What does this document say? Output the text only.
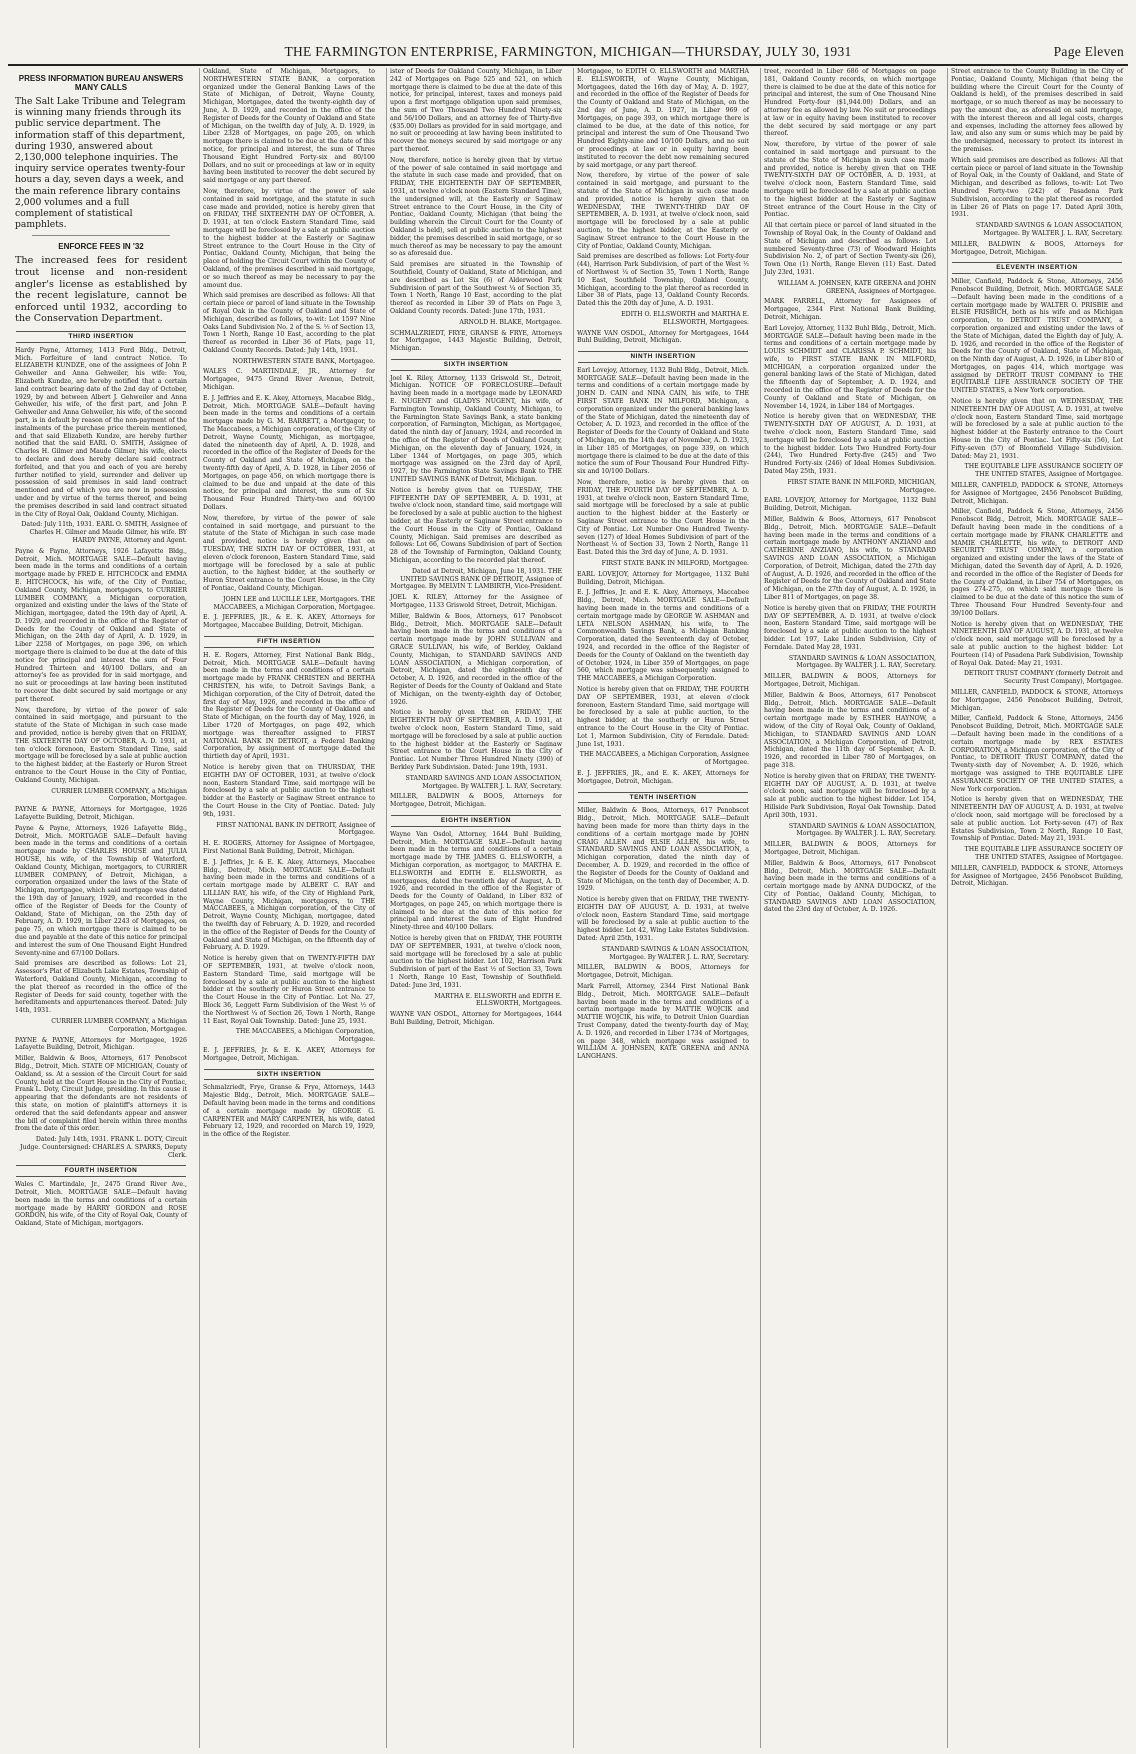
THE FARMINGTON ENTERPRISE, FARMINGTON, MICHIGAN—THURSDAY, JULY 30, 1931	Page Eleven
PRESS INFORMATION BUREAU ANSWERS MANY CALLS

The Salt Lake Tribune and Telegram is winning many friends through its public service department. The information staff of this department, during 1930, answered about 2,130,000 telephone inquiries. The inquiry service operates twenty-four hours a day, seven days a week, and the main reference library contains 2,000 volumes and a full complement of statistical pamphlets.

ENFORCE FEES IN '32

The increased fees for resident trout license and non-resident angler's license as established by the recent legislature, cannot be enforced until 1932, according to the Conservation Department.

THIRD INSERTION

Hardy Payne, Attorney, 1413 Ford Bldg., Detroit, Mich. Forfeiture of land contract Notice. To ELIZABETH KUNDZE, one of the assignees of John P. Gehweiler and Anna Gehweiler, his wife: You, Elizabeth Kundze, are hereby notified that a certain land contract bearing date of the 2nd day of October, 1929, by and between Albert J. Gehweiler and Anna Gehweiler, his wife, of the first part, and John P. Gehweiler and Anna Gehweiler, his wife, of the second part, is in default by reason of the non-payment of the instalments of the purchase price therein mentioned, and that said Elizabeth Kundze, are hereby further notified that the said EARL O. SMITH, Assignee of Charles H. Gilmer and Maude Gilmer, his wife, elects to declare and does hereby declare said contract forfeited, and that you and each of you are hereby further notified to yield, surrender and deliver up possession of said premises in said land contract mentioned and of which you are now in possession under and by virtue of the terms thereof, and being the premises described in said land contract situated in the City of Royal Oak, Oakland County, Michigan.

Dated: July 11th, 1931. EARL O. SMITH, Assignee of Charles H. Gilmer and Maude Gilmer, his wife. BY HARDY PAYNE, Attorney and Agent.

Payne & Payne, Attorneys, 1926 Lafayette Bldg., Detroit, Mich. MORTGAGE SALE—Default having been made in the terms and conditions of a certain mortgage made by FRED E. HITCHCOCK and EMMA E. HITCHCOCK, his wife, of the City of Pontiac, Oakland County, Michigan, mortgagors, to CURRIER LUMBER COMPANY, a Michigan corporation, organized and existing under the laws of the State of Michigan, mortgagee, dated the 19th day of April, A. D. 1929, and recorded in the office of the Register of Deeds for the County of Oakland and State of Michigan, on the 24th day of April, A. D. 1929, in Liber 2258 of Mortgages, on page 396, on which mortgage there is claimed to be due at the date of this notice for principal and interest the sum of Four Hundred Thirteen and 40/100 Dollars, and an attorney's fee as provided for in said mortgage, and no suit or proceedings at law having been instituted to recover the debt secured by said mortgage or any part thereof.

Now, therefore, by virtue of the power of sale contained in said mortgage, and pursuant to the statute of the State of Michigan in such case made and provided, notice is hereby given that on FRIDAY, THE SIXTEENTH DAY OF OCTOBER, A. D. 1931, at ten o'clock forenoon, Eastern Standard Time, said mortgage will be foreclosed by a sale at public auction to the highest bidder, at the Easterly or Huron Street entrance to the Court House in the City of Pontiac, Oakland County, Michigan.

CURRIER LUMBER COMPANY, a Michigan Corporation, Mortgagee.

PAYNE & PAYNE, Attorneys for Mortgagee, 1926 Lafayette Building, Detroit, Michigan.

Payne & Payne, Attorneys, 1926 Lafayette Bldg., Detroit, Mich. MORTGAGE SALE—Default having been made in the terms and conditions of a certain mortgage made by CHARLES HOUSE and JULIA HOUSE, his wife, of the Township of Waterford, Oakland County, Michigan, mortgagors, to CURRIER LUMBER COMPANY, of Detroit, Michigan, a corporation organized under the laws of the State of Michigan, mortgagee, which said mortgage was dated the 19th day of January, 1929, and recorded in the office of the Register of Deeds for the County of Oakland, State of Michigan, on the 25th day of February, A. D. 1929, in Liber 2243 of Mortgages, on page 75, on which mortgage there is claimed to be due and payable at the date of this notice for principal and interest the sum of One Thousand Eight Hundred Seventy-nine and 67/100 Dollars.

Said premises are described as follows: Lot 21, Assessor's Plat of Elizabeth Lake Estates, Township of Waterford, Oakland County, Michigan, according to the plat thereof as recorded in the office of the Register of Deeds for said county, together with the hereditaments and appurtenances thereof. Dated: July 14th, 1931.

CURRIER LUMBER COMPANY, a Michigan Corporation, Mortgagee.

PAYNE & PAYNE, Attorneys for Mortgagee, 1926 Lafayette Building, Detroit, Michigan.

Miller, Baldwin & Boos, Attorneys, 617 Penobscot Bldg., Detroit, Mich. STATE OF MICHIGAN, County of Oakland, ss. At a session of the Circuit Court for said County, held at the Court House in the City of Pontiac, Frank L. Doty, Circuit Judge, presiding. In this cause it appearing that the defendants are not residents of this state, on motion of plaintiff's attorneys it is ordered that the said defendants appear and answer the bill of complaint filed herein within three months from the date of this order.

Dated: July 14th, 1931. FRANK L. DOTY, Circuit Judge. Countersigned: CHARLES A. SPARKS, Deputy Clerk.

FOURTH INSERTION

Wales C. Martindale, Jr., 2475 Grand River Ave., Detroit, Mich. MORTGAGE SALE—Default having been made in the terms and conditions of a certain mortgage made by HARRY GORDON and ROSE GORDON, his wife, of the City of Royal Oak, County of Oakland, State of Michigan, mortgagors.

Oakland, State of Michigan, Mortgagors, to NORTHWESTERN STATE BANK, a corporation organized under the General Banking Laws of the State of Michigan, of Detroit, Wayne County, Michigan, Mortgagee, dated the twenty-eighth day of June, A. D. 1929, and recorded in the office of the Register of Deeds for the County of Oakland and State of Michigan, on the twelfth day of July, A. D. 1929, in Liber 2328 of Mortgages, on page 205, on which mortgage there is claimed to be due at the date of this notice, for principal and interest, the sum of Three Thousand Eight Hundred Forty-six and 80/100 Dollars, and no suit or proceedings at law or in equity having been instituted to recover the debt secured by said mortgage or any part thereof.

Now, therefore, by virtue of the power of sale contained in said mortgage, and the statute in such case made and provided, notice is hereby given that on FRIDAY, THE SIXTEENTH DAY OF OCTOBER, A. D. 1931, at ten o'clock Eastern Standard Time, said mortgage will be foreclosed by a sale at public auction to the highest bidder at the Easterly or Saginaw Street entrance to the Court House in the City of Pontiac, Oakland County, Michigan, that being the place of holding the Circuit Court within the County of Oakland, of the premises described in said mortgage, or so much thereof as may be necessary to pay the amount due.

Which said premises are described as follows: All that certain piece or parcel of land situate in the Township of Royal Oak in the County of Oakland and State of Michigan, described as follows, to-wit: Lot 1597 Nine Oaks Land Subdivision No. 2 of the S. ½ of Section 13, Town 1 North, Range 10 East, according to the plat thereof as recorded in Liber 36 of Plats, page 11, Oakland County Records. Dated: July 14th, 1931.

NORTHWESTERN STATE BANK, Mortgagee.

WALES C. MARTINDALE, JR., Attorney for Mortgagee, 9475 Grand River Avenue, Detroit, Michigan.

E. J. Jeffries and E. K. Akey, Attorneys, Macabee Bldg., Detroit, Mich. MORTGAGE SALE—Default having been made in the terms and conditions of a certain mortgage made by G. M. BARRETT, a Mortgagor, to The Maccabees, a Michigan corporation, of the City of Detroit, Wayne County, Michigan, as mortgagee, dated the nineteenth day of April, A. D. 1928, and recorded in the office of the Register of Deeds for the County of Oakland and State of Michigan, on the twenty-fifth day of April, A. D. 1928, in Liber 2056 of Mortgages, on page 456, on which mortgage there is claimed to be due and unpaid at the date of this notice, for principal and interest, the sum of Six Thousand Four Hundred Thirty-two and 60/100 Dollars.

Now, therefore, by virtue of the power of sale contained in said mortgage, and pursuant to the statute of the State of Michigan in such case made and provided, notice is hereby given that on TUESDAY, THE SIXTH DAY OF OCTOBER, 1931, at eleven o'clock forenoon, Eastern Standard Time, said mortgage will be foreclosed by a sale at public auction, to the highest bidder, at the southerly or Huron Street entrance to the Court House, in the City of Pontiac, Oakland County, Michigan.

JOHN LEE and LUCILLE LEE, Mortgagors. THE MACCABEES, a Michigan Corporation, Mortgagee.

E. J. JEFFRIES, JR., & E. K. AKEY, Attorneys for Mortgagee, Maccabee Building, Detroit, Michigan.

FIFTH INSERTION

H. E. Rogers, Attorney, First National Bank Bldg., Detroit, Mich. MORTGAGE SALE—Default having been made in the terms and conditions of a certain mortgage made by FRANK CHRISTEN and BERTHA CHRISTEN, his wife, to Detroit Savings Bank, a Michigan corporation, of the City of Detroit, dated the first day of May, 1926, and recorded in the office of the Register of Deeds for the County of Oakland and State of Michigan, on the fourth day of May, 1926, in Liber 1720 of Mortgages, on page 492, which mortgage was thereafter assigned to FIRST NATIONAL BANK IN DETROIT, a Federal Banking Corporation, by assignment of mortgage dated the thirtieth day of April, 1931.

Notice is hereby given that on THURSDAY, THE EIGHTH DAY OF OCTOBER, 1931, at twelve o'clock noon, Eastern Standard Time, said mortgage will be foreclosed by a sale at public auction to the highest bidder at the Easterly or Saginaw Street entrance to the Court House in the City of Pontiac. Dated: July 9th, 1931.

FIRST NATIONAL BANK IN DETROIT, Assignee of Mortgagee.

H. E. ROGERS, Attorney for Assignee of Mortgagee, First National Bank Building, Detroit, Michigan.

E. J. Jeffries, Jr. & E. K. Akey, Attorneys, Maccabee Bldg., Detroit, Mich. MORTGAGE SALE—Default having been made in the terms and conditions of a certain mortgage made by ALBERT C. RAY and LILLIAN RAY, his wife, of the City of Highland Park, Wayne County, Michigan, mortgagors, to THE MACCABEES, a Michigan corporation, of the City of Detroit, Wayne County, Michigan, mortgagee, dated the twelfth day of February, A. D. 1929, and recorded in the office of the Register of Deeds for the County of Oakland and State of Michigan, on the fifteenth day of February, A. D. 1929.

Notice is hereby given that on TWENTY-FIFTH DAY OF SEPTEMBER, 1931, at twelve o'clock noon, Eastern Standard Time, said mortgage will be foreclosed by a sale at public auction to the highest bidder at the southerly or Huron Street entrance to the Court House in the City of Pontiac. Lot No. 27, Block 36, Leggett Farm Subdivision of the West ½ of the Northwest ¼ of Section 26, Town 1 North, Range 11 East, Royal Oak Township. Dated: June 25, 1931.

THE MACCABEES, a Michigan Corporation, Mortgagee.

E. J. JEFFRIES, Jr. & E. K. AKEY, Attorneys for Mortgagee, Detroit, Michigan.

SIXTH INSERTION

Schmalzriedt, Frye, Granse & Frye, Attorneys, 1443 Majestic Bldg., Detroit, Mich. MORTGAGE SALE—Default having been made in the terms and conditions of a certain mortgage made by GEORGE G. CARPENTER and MARY CARPENTER, his wife, dated February 12, 1929, and recorded on March 19, 1929, in the office of the Register.

ister of Deeds for Oakland County, Michigan, in Liber 242 of Mortgages on Page 525 and 521, on which mortgage there is claimed to be due at the date of this notice, for principal, interest, taxes and moneys paid upon a first mortgage obligation upon said premises, the sum of Two Thousand Two Hundred Ninety-six and 56/100 Dollars, and an attorney fee of Thirty-five ($35.00) Dollars as provided for in said mortgage, and no suit or proceeding at law having been instituted to recover the moneys secured by said mortgage or any part thereof.

Now, therefore, notice is hereby given that by virtue of the power of sale contained in said mortgage and the statute in such case made and provided, that on FRIDAY, THE EIGHTEENTH DAY OF SEPTEMBER, 1931, at twelve o'clock noon (Eastern Standard Time), the undersigned will, at the Easterly or Saginaw Street entrance to the Court House, in the City of Pontiac, Oakland County, Michigan (that being the building wherein the Circuit Court for the County of Oakland is held), sell at public auction to the highest bidder, the premises described in said mortgage, or so much thereof as may be necessary to pay the amount so as aforesaid due.

Said premises are situated in the Township of Southfield, County of Oakland, State of Michigan, and are described as Lot Six (6) of Alderwood Park Subdivision of part of the Southwest ¼ of Section 35, Town 1 North, Range 10 East, according to the plat thereof as recorded in Liber 39 of Plats on Page 3, Oakland County records. Dated: June 17th, 1931.

ARNOLD H. BLAKE, Mortgagee.

SCHMALZRIEDT, FRYE, GRANSE & FRYE, Attorneys for Mortgagee, 1443 Majestic Building, Detroit, Michigan.

SIXTH INSERTION

Joel K. Riley, Attorney, 1133 Griswold St., Detroit, Michigan. NOTICE OF FORECLOSURE—Default having been made in a mortgage made by LEONARD E. NUGENT and GLADYS NUGENT, his wife, of Farmington Township, Oakland County, Michigan, to the Farmington State Savings Bank, a state banking corporation, of Farmington, Michigan, as Mortgagee, dated the ninth day of January, 1924, and recorded in the office of the Register of Deeds of Oakland County, Michigan, on the eleventh day of January, 1924, in Liber 1344 of Mortgages, on page 305, which mortgage was assigned on the 23rd day of April, 1927, by the Farmington State Savings Bank to THE UNITED SAVINGS BANK of Detroit, Michigan.

Notice is hereby given that on TUESDAY, THE FIFTEENTH DAY OF SEPTEMBER, A. D. 1931, at twelve o'clock noon, standard time, said mortgage will be foreclosed by a sale at public auction to the highest bidder, at the Easterly or Saginaw Street entrance to the Court House in the City of Pontiac, Oakland County, Michigan. Said premises are described as follows: Lot 66, Cowans Subdivision of part of Section 28 of the Township of Farmington, Oakland County, Michigan, according to the recorded plat thereof.

Dated at Detroit, Michigan, June 18, 1931. THE UNITED SAVINGS BANK OF DETROIT, Assignee of Mortgagee. By MELVIN T. LAMBIRTH, Vice-President.

JOEL K. RILEY, Attorney for the Assignee of Mortgagee, 1133 Griswold Street, Detroit, Michigan.

Miller, Baldwin & Boos, Attorneys, 617 Penobscot Bldg., Detroit, Mich. MORTGAGE SALE—Default having been made in the terms and conditions of a certain mortgage made by JOHN SULLIVAN and GRACE SULLIVAN, his wife, of Berkley, Oakland County, Michigan, to STANDARD SAVINGS AND LOAN ASSOCIATION, a Michigan corporation, of Detroit, Michigan, dated the eighteenth day of October, A. D. 1926, and recorded in the office of the Register of Deeds for the County of Oakland and State of Michigan, on the twenty-eighth day of October, 1926.

Notice is hereby given that on FRIDAY, THE EIGHTEENTH DAY OF SEPTEMBER, A. D. 1931, at twelve o'clock noon, Eastern Standard Time, said mortgage will be foreclosed by a sale at public auction to the highest bidder at the Easterly or Saginaw Street entrance to the Court House in the City of Pontiac. Lot Number Three Hundred Ninety (390) of Berkley Park Subdivision. Dated: June 19th, 1931.

STANDARD SAVINGS AND LOAN ASSOCIATION, Mortgagee. By WALTER J. L. RAY, Secretary.

MILLER, BALDWIN & BOOS, Attorneys for Mortgagee, Detroit, Michigan.

EIGHTH INSERTION

Wayne Van Osdol, Attorney, 1644 Buhl Building, Detroit, Mich. MORTGAGE SALE—Default having been made in the terms and conditions of a certain mortgage made by THE JAMES G. ELLSWORTH, a Michigan corporation, as mortgagor, to MARTHA E. ELLSWORTH and EDITH E. ELLSWORTH, as mortgagees, dated the twentieth day of August, A. D. 1926, and recorded in the office of the Register of Deeds for the County of Oakland, in Liber 832 of Mortgages, on page 245, on which mortgage there is claimed to be due at the date of this notice for principal and interest the sum of Eight Hundred Ninety-three and 40/100 Dollars.

Notice is hereby given that on FRIDAY, THE FOURTH DAY OF SEPTEMBER, 1931, at twelve o'clock noon, said mortgage will be foreclosed by a sale at public auction to the highest bidder. Lot 102, Harrison Park Subdivision of part of the East ½ of Section 33, Town 1 North, Range 10 East, Township of Southfield. Dated: June 3rd, 1931.

MARTHA E. ELLSWORTH and EDITH E. ELLSWORTH, Mortgagees.

WAYNE VAN OSDOL, Attorney for Mortgagees, 1644 Buhl Building, Detroit, Michigan.

Mortgagee, to EDITH O. ELLSWORTH and MARTHA E. ELLSWORTH, of Wayne County, Michigan, Mortgagees, dated the 16th day of May, A. D. 1927, and recorded in the office of the Register of Deeds for the County of Oakland and State of Michigan, on the 2nd day of June, A. D. 1927, in Liber 969 of Mortgages, on page 393, on which mortgage there is claimed to be due, at the date of this notice, for principal and interest the sum of One Thousand Two Hundred Eighty-nine and 10/100 Dollars, and no suit or proceedings at law or in equity having been instituted to recover the debt now remaining secured by said mortgage, or any part thereof.

Now, therefore, by virtue of the power of sale contained in said mortgage, and pursuant to the statute of the State of Michigan in such case made and provided, notice is hereby given that on WEDNESDAY, THE TWENTY-THIRD DAY OF SEPTEMBER, A. D. 1931, at twelve o'clock noon, said mortgage will be foreclosed by a sale at public auction, to the highest bidder, at the Easterly or Saginaw Street entrance to the Court House in the City of Pontiac, Oakland County, Michigan.

Said premises are described as follows: Lot Forty-four (44), Harrison Park Subdivision, of part of the West ½ of Northwest ¼ of Section 35, Town 1 North, Range 10 East, Southfield Township, Oakland County, Michigan, according to the plat thereof as recorded in Liber 38 of Plats, page 13, Oakland County Records. Dated this the 20th day of June, A. D. 1931.

EDITH O. ELLSWORTH and MARTHA E. ELLSWORTH, Mortgagees.

WAYNE VAN OSDOL, Attorney for Mortgagees, 1644 Buhl Building, Detroit, Michigan.

NINTH INSERTION

Earl Lovejoy, Attorney, 1132 Buhl Bldg., Detroit, Mich. MORTGAGE SALE—Default having been made in the terms and conditions of a certain mortgage made by JOHN D. CAIN and NINA CAIN, his wife, to THE FIRST STATE BANK IN MILFORD, Michigan, a corporation organized under the general banking laws of the State of Michigan, dated the nineteenth day of October, A. D. 1923, and recorded in the office of the Register of Deeds for the County of Oakland and State of Michigan, on the 14th day of November, A. D. 1923, in Liber 185 of Mortgages, on page 339, on which mortgage there is claimed to be due at the date of this notice the sum of Four Thousand Four Hundred Fifty-six and 10/100 Dollars.

Now, therefore, notice is hereby given that on FRIDAY, THE FOURTH DAY OF SEPTEMBER, A. D. 1931, at twelve o'clock noon, Eastern Standard Time, said mortgage will be foreclosed by a sale at public auction to the highest bidder at the Easterly or Saginaw Street entrance to the Court House in the City of Pontiac. Lot Number One Hundred Twenty-seven (127) of Ideal Homes Subdivision of part of the Northeast ¼ of Section 33, Town 2 North, Range 11 East. Dated this the 3rd day of June, A. D. 1931.

FIRST STATE BANK IN MILFORD, Mortgagee.

EARL LOVEJOY, Attorney for Mortgagee, 1132 Buhl Building, Detroit, Michigan.

E. J. Jeffries, Jr. and E. K. Akey, Attorneys, Maccabee Bldg., Detroit, Mich. MORTGAGE SALE—Default having been made in the terms and conditions of a certain mortgage made by GEORGE W. ASHMAN and LETA NELSON ASHMAN, his wife, to The Commonwealth Savings Bank, a Michigan Banking Corporation, dated the Seventeenth day of October, 1924, and recorded in the office of the Register of Deeds for the County of Oakland on the twentieth day of October, 1924, in Liber 359 of Mortgages, on page 560, which mortgage was subsequently assigned to THE MACCABEES, a Michigan Corporation.

Notice is hereby given that on FRIDAY, THE FOURTH DAY OF SEPTEMBER, 1931, at eleven o'clock forenoon, Eastern Standard Time, said mortgage will be foreclosed by a sale at public auction, to the highest bidder, at the southerly or Huron Street entrance to the Court House in the City of Pontiac. Lot 1, Marmon Subdivision, City of Ferndale. Dated: June 1st, 1931.

THE MACCABEES, a Michigan Corporation, Assignee of Mortgagee.

E. J. JEFFRIES, JR., and E. K. AKEY, Attorneys for Mortgagee, Detroit, Michigan.

TENTH INSERTION

Miller, Baldwin & Boos, Attorneys, 617 Penobscot Bldg., Detroit, Mich. MORTGAGE SALE—Default having been made for more than thirty days in the conditions of a certain mortgage made by JOHN CRAIG ALLEN and ELSIE ALLEN, his wife, to STANDARD SAVINGS AND LOAN ASSOCIATION, a Michigan corporation, dated the ninth day of December, A. D. 1929, and recorded in the office of the Register of Deeds for the County of Oakland and State of Michigan, on the tenth day of December, A. D. 1929.

Notice is hereby given that on FRIDAY, THE TWENTY-EIGHTH DAY OF AUGUST, A. D. 1931, at twelve o'clock noon, Eastern Standard Time, said mortgage will be foreclosed by a sale at public auction to the highest bidder. Lot 42, Wing Lake Estates Subdivision. Dated: April 25th, 1931.

STANDARD SAVINGS & LOAN ASSOCIATION, Mortgagee. By WALTER J. L. RAY, Secretary.

MILLER, BALDWIN & BOOS, Attorneys for Mortgagee, Detroit, Michigan.

Mark Farrell, Attorney, 2344 First National Bank Bldg., Detroit, Mich. MORTGAGE SALE—Default having been made in the terms and conditions of a certain mortgage made by MATTIE WOJCIK and MATTIE WOJCIK, his wife, to Detroit Union Guardian Trust Company, dated the twenty-fourth day of May, A. D. 1926, and recorded in Liber 1734 of Mortgages, on page 348, which mortgage was assigned to WILLIAM A. JOHNSEN, KATE GREENA and ANNA LANGHANS.

treet, recorded in Liber 686 of Mortgages on page 181, Oakland County records, on which mortgage there is claimed to be due at the date of this notice for principal and interest, the sum of One Thousand Nine Hundred Forty-four ($1,944.00) Dollars, and an attorney fee as allowed by law. No suit or proceedings at law or in equity having been instituted to recover the debt secured by said mortgage or any part thereof.

Now, therefore, by virtue of the power of sale contained in said mortgage and pursuant to the statute of the State of Michigan in such case made and provided, notice is hereby given that on THE TWENTY-SIXTH DAY OF OCTOBER, A. D. 1931, at twelve o'clock noon, Eastern Standard Time, said mortgage will be foreclosed by a sale at public auction to the highest bidder at the Easterly or Saginaw Street entrance of the Court House in the City of Pontiac.

All that certain piece or parcel of land situated in the Township of Royal Oak, in the County of Oakland and State of Michigan and described as follows: Lot numbered Seventy-three (73) of Woodward Heights Subdivision No. 2, of part of Section Twenty-six (26), Town One (1) North, Range Eleven (11) East. Dated July 23rd, 1931.

WILLIAM A. JOHNSEN, KATE GREENA and JOHN GREENA, Assignees of Mortgagee.

MARK FARRELL, Attorney for Assignees of Mortgagee, 2344 First National Bank Building, Detroit, Michigan.

Earl Lovejoy, Attorney, 1132 Buhl Bldg., Detroit, Mich. MORTGAGE SALE—Default having been made in the terms and conditions of a certain mortgage made by LOUIS SCHMIDT and CLARISSA P. SCHMIDT, his wife, to FIRST STATE BANK IN MILFORD, MICHIGAN, a corporation organized under the general banking laws of the State of Michigan, dated the fifteenth day of September, A. D. 1924, and recorded in the office of the Register of Deeds for the County of Oakland and State of Michigan, on November 14, 1924, in Liber 184 of Mortgages.

Notice is hereby given that on WEDNESDAY, THE TWENTY-SIXTH DAY OF AUGUST, A. D. 1931, at twelve o'clock noon, Eastern Standard Time, said mortgage will be foreclosed by a sale at public auction to the highest bidder. Lots Two Hundred Forty-four (244), Two Hundred Forty-five (245) and Two Hundred Forty-six (246) of Ideal Homes Subdivision. Dated May 25th, 1931.

FIRST STATE BANK IN MILFORD, MICHIGAN, Mortgagee.

EARL LOVEJOY, Attorney for Mortgagee, 1132 Buhl Building, Detroit, Michigan.

Miller, Baldwin & Boos, Attorneys, 617 Penobscot Bldg., Detroit, Mich. MORTGAGE SALE—Default having been made in the terms and conditions of a certain mortgage made by ANTHONY ANZIANO and CATHERINE ANZIANO, his wife, to STANDARD SAVINGS AND LOAN ASSOCIATION, a Michigan Corporation, of Detroit, Michigan, dated the 27th day of August, A. D. 1926, and recorded in the office of the Register of Deeds for the County of Oakland and State of Michigan, on the 27th day of August, A. D. 1926, in Liber 811 of Mortgages, on page 38.

Notice is hereby given that on FRIDAY, THE FOURTH DAY OF SEPTEMBER, A. D. 1931, at twelve o'clock noon, Eastern Standard Time, said mortgage will be foreclosed by a sale at public auction to the highest bidder. Lot 197, Lake Linden Subdivision, City of Ferndale. Dated May 28, 1931.

STANDARD SAVINGS & LOAN ASSOCIATION, Mortgagee. By WALTER J. L. RAY, Secretary.

MILLER, BALDWIN & BOOS, Attorneys for Mortgagee, Detroit, Michigan.

Miller, Baldwin & Boos, Attorneys, 617 Penobscot Bldg., Detroit, Mich. MORTGAGE SALE—Default having been made in the terms and conditions of a certain mortgage made by ESTHER HAYNOW, a widow, of the City of Royal Oak, County of Oakland, Michigan, to STANDARD SAVINGS AND LOAN ASSOCIATION, a Michigan Corporation, of Detroit, Michigan, dated the 11th day of September, A. D. 1926, and recorded in Liber 780 of Mortgages, on page 318.

Notice is hereby given that on FRIDAY, THE TWENTY-EIGHTH DAY OF AUGUST, A. D. 1931, at twelve o'clock noon, said mortgage will be foreclosed by a sale at public auction to the highest bidder. Lot 154, Hillside Park Subdivision, Royal Oak Township. Dated April 30th, 1931.

STANDARD SAVINGS & LOAN ASSOCIATION, Mortgagee. By WALTER J. L. RAY, Secretary.

MILLER, BALDWIN & BOOS, Attorneys for Mortgagee, Detroit, Michigan.

Miller, Baldwin & Boos, Attorneys, 617 Penobscot Bldg., Detroit, Mich. MORTGAGE SALE—Default having been made in the terms and conditions of a certain mortgage made by ANNA DUDOCKZ, of the City of Pontiac, Oakland County, Michigan, to STANDARD SAVINGS AND LOAN ASSOCIATION, dated the 23rd day of October, A. D. 1926.

Street entrance to the County Building in the City of Pontiac, Oakland County, Michigan (that being the building where the Circuit Court for the County of Oakland is held), of the premises described in said mortgage, or so much thereof as may be necessary to pay the amount due, as aforesaid on said mortgage, with the interest thereon and all legal costs, charges and expenses, including the attorney fees allowed by law, and also any sum or sums which may be paid by the undersigned, necessary to protect its interest in the premises.

Which said premises are described as follows: All that certain piece or parcel of land situate in the Township of Royal Oak, in the County of Oakland, and State of Michigan, and described as follows, to-wit: Lot Two Hundred Forty-two (242) of Pasadena Park Subdivision, according to the plat thereof as recorded in Liber 26 of Plats on page 17. Dated April 30th, 1931.

STANDARD SAVINGS & LOAN ASSOCIATION, Mortgagee. By WALTER J. L. RAY, Secretary.

MILLER, BALDWIN & BOOS, Attorneys for Mortgagee, Detroit, Michigan.

ELEVENTH INSERTION

Miller, Canfield, Paddock & Stone, Attorneys, 2456 Penobscot Building, Detroit, Mich. MORTGAGE SALE—Default having been made in the conditions of a certain mortgage made by WALTER O. PRISBIE and ELSIE FRISBICH, both as his wife and as Michigan corporation, to DETROIT TRUST COMPANY, a corporation organized and existing under the laws of the State of Michigan, dated the Eighth day of July, A. D. 1926, and recorded in the office of the Register of Deeds for the County of Oakland, State of Michigan, on the Ninth day of August, A. D. 1926, in Liber 810 of Mortgages, on pages 414, which mortgage was assigned by DETROIT TRUST COMPANY to THE EQUITABLE LIFE ASSURANCE SOCIETY OF THE UNITED STATES, a New York corporation.

Notice is hereby given that on WEDNESDAY, THE NINETEENTH DAY OF AUGUST, A. D. 1931, at twelve o'clock noon, Eastern Standard Time, said mortgage will be foreclosed by a sale at public auction to the highest bidder at the Easterly entrance to the Court House in the City of Pontiac. Lot Fifty-six (56), Lot Fifty-seven (57) of Bloomfield Village Subdivision. Dated: May 21, 1931.

THE EQUITABLE LIFE ASSURANCE SOCIETY OF THE UNITED STATES, Assignee of Mortgagee.

MILLER, CANFIELD, PADDOCK & STONE, Attorneys for Assignee of Mortgagee, 2456 Penobscot Building, Detroit, Michigan.

Miller, Canfield, Paddock & Stone, Attorneys, 2456 Penobscot Bldg., Detroit, Mich. MORTGAGE SALE—Default having been made in the conditions of a certain mortgage made by FRANK CHARLETTE and MAMIE CHARLETTE, his wife, to DETROIT AND SECURITY TRUST COMPANY, a corporation organized and existing under the laws of the State of Michigan, dated the Seventh day of April, A. D. 1926, and recorded in the office of the Register of Deeds for the County of Oakland, in Liber 754 of Mortgages, on pages 274-275, on which said mortgage there is claimed to be due at the date of this notice the sum of Three Thousand Four Hundred Seventy-four and 39/100 Dollars.

Notice is hereby given that on WEDNESDAY, THE NINETEENTH DAY OF AUGUST, A. D. 1931, at twelve o'clock noon, said mortgage will be foreclosed by a sale at public auction to the highest bidder. Lot Fourteen (14) of Pasadena Park Subdivision, Township of Royal Oak. Dated: May 21, 1931.

DETROIT TRUST COMPANY (formerly Detroit and Security Trust Company), Mortgagee.

MILLER, CANFIELD, PADDOCK & STONE, Attorneys for Mortgagee, 2456 Penobscot Building, Detroit, Michigan.

Miller, Canfield, Paddock & Stone, Attorneys, 2456 Penobscot Building, Detroit, Mich. MORTGAGE SALE—Default having been made in the conditions of a certain mortgage made by REX ESTATES CORPORATION, a Michigan corporation, of the City of Pontiac, to DETROIT TRUST COMPANY, dated the Twenty-sixth day of November, A. D. 1926, which mortgage was assigned to THE EQUITABLE LIFE ASSURANCE SOCIETY OF THE UNITED STATES, a New York corporation.

Notice is hereby given that on WEDNESDAY, THE NINETEENTH DAY OF AUGUST, A. D. 1931, at twelve o'clock noon, said mortgage will be foreclosed by a sale at public auction. Lot Forty-seven (47) of Rex Estates Subdivision, Town 2 North, Range 10 East, Township of Pontiac. Dated: May 21, 1931.

THE EQUITABLE LIFE ASSURANCE SOCIETY OF THE UNITED STATES, Assignee of Mortgagee.

MILLER, CANFIELD, PADDOCK & STONE, Attorneys for Assignee of Mortgagee, 2456 Penobscot Building, Detroit, Michigan.
